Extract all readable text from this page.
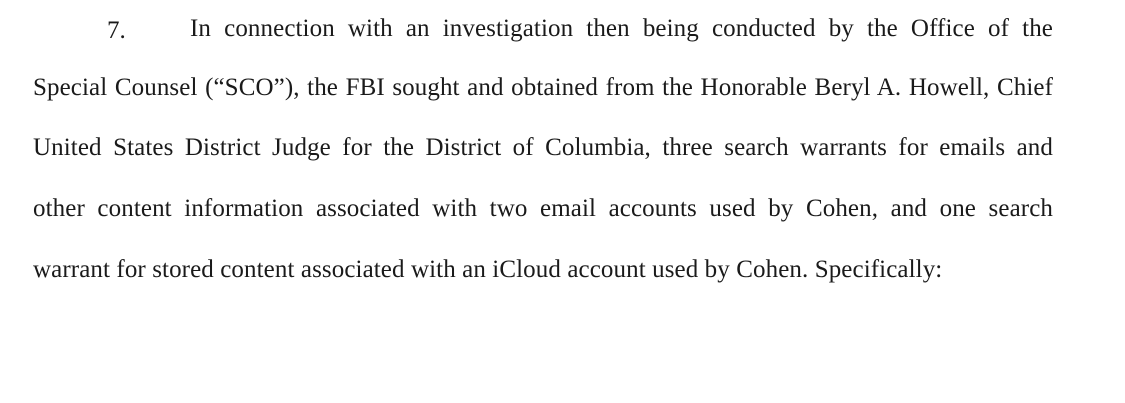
7.	In connection with an investigation then being conducted by the Office of the
Special Counsel (“SCO”), the FBI sought and obtained from the Honorable Beryl A. Howell, Chief
United States District Judge for the District of Columbia, three search warrants for emails and
other content information associated with two email accounts used by Cohen, and one search
warrant for stored content associated with an iCloud account used by Cohen. Specifically:
